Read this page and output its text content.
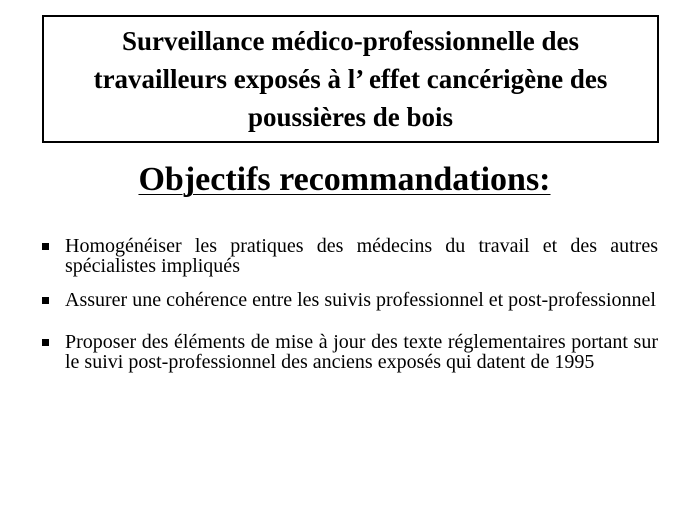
Surveillance médico-professionnelle des travailleurs exposés à l’ effet cancérigène des poussières de bois

Objectifs recommandations:
Homogénéiser les pratiques des médecins du travail et des autres spécialistes impliqués
Assurer une cohérence entre les suivis professionnel et post-professionnel
Proposer des éléments de mise à jour des texte réglementaires portant sur le suivi post-professionnel des anciens exposés qui datent de 1995
